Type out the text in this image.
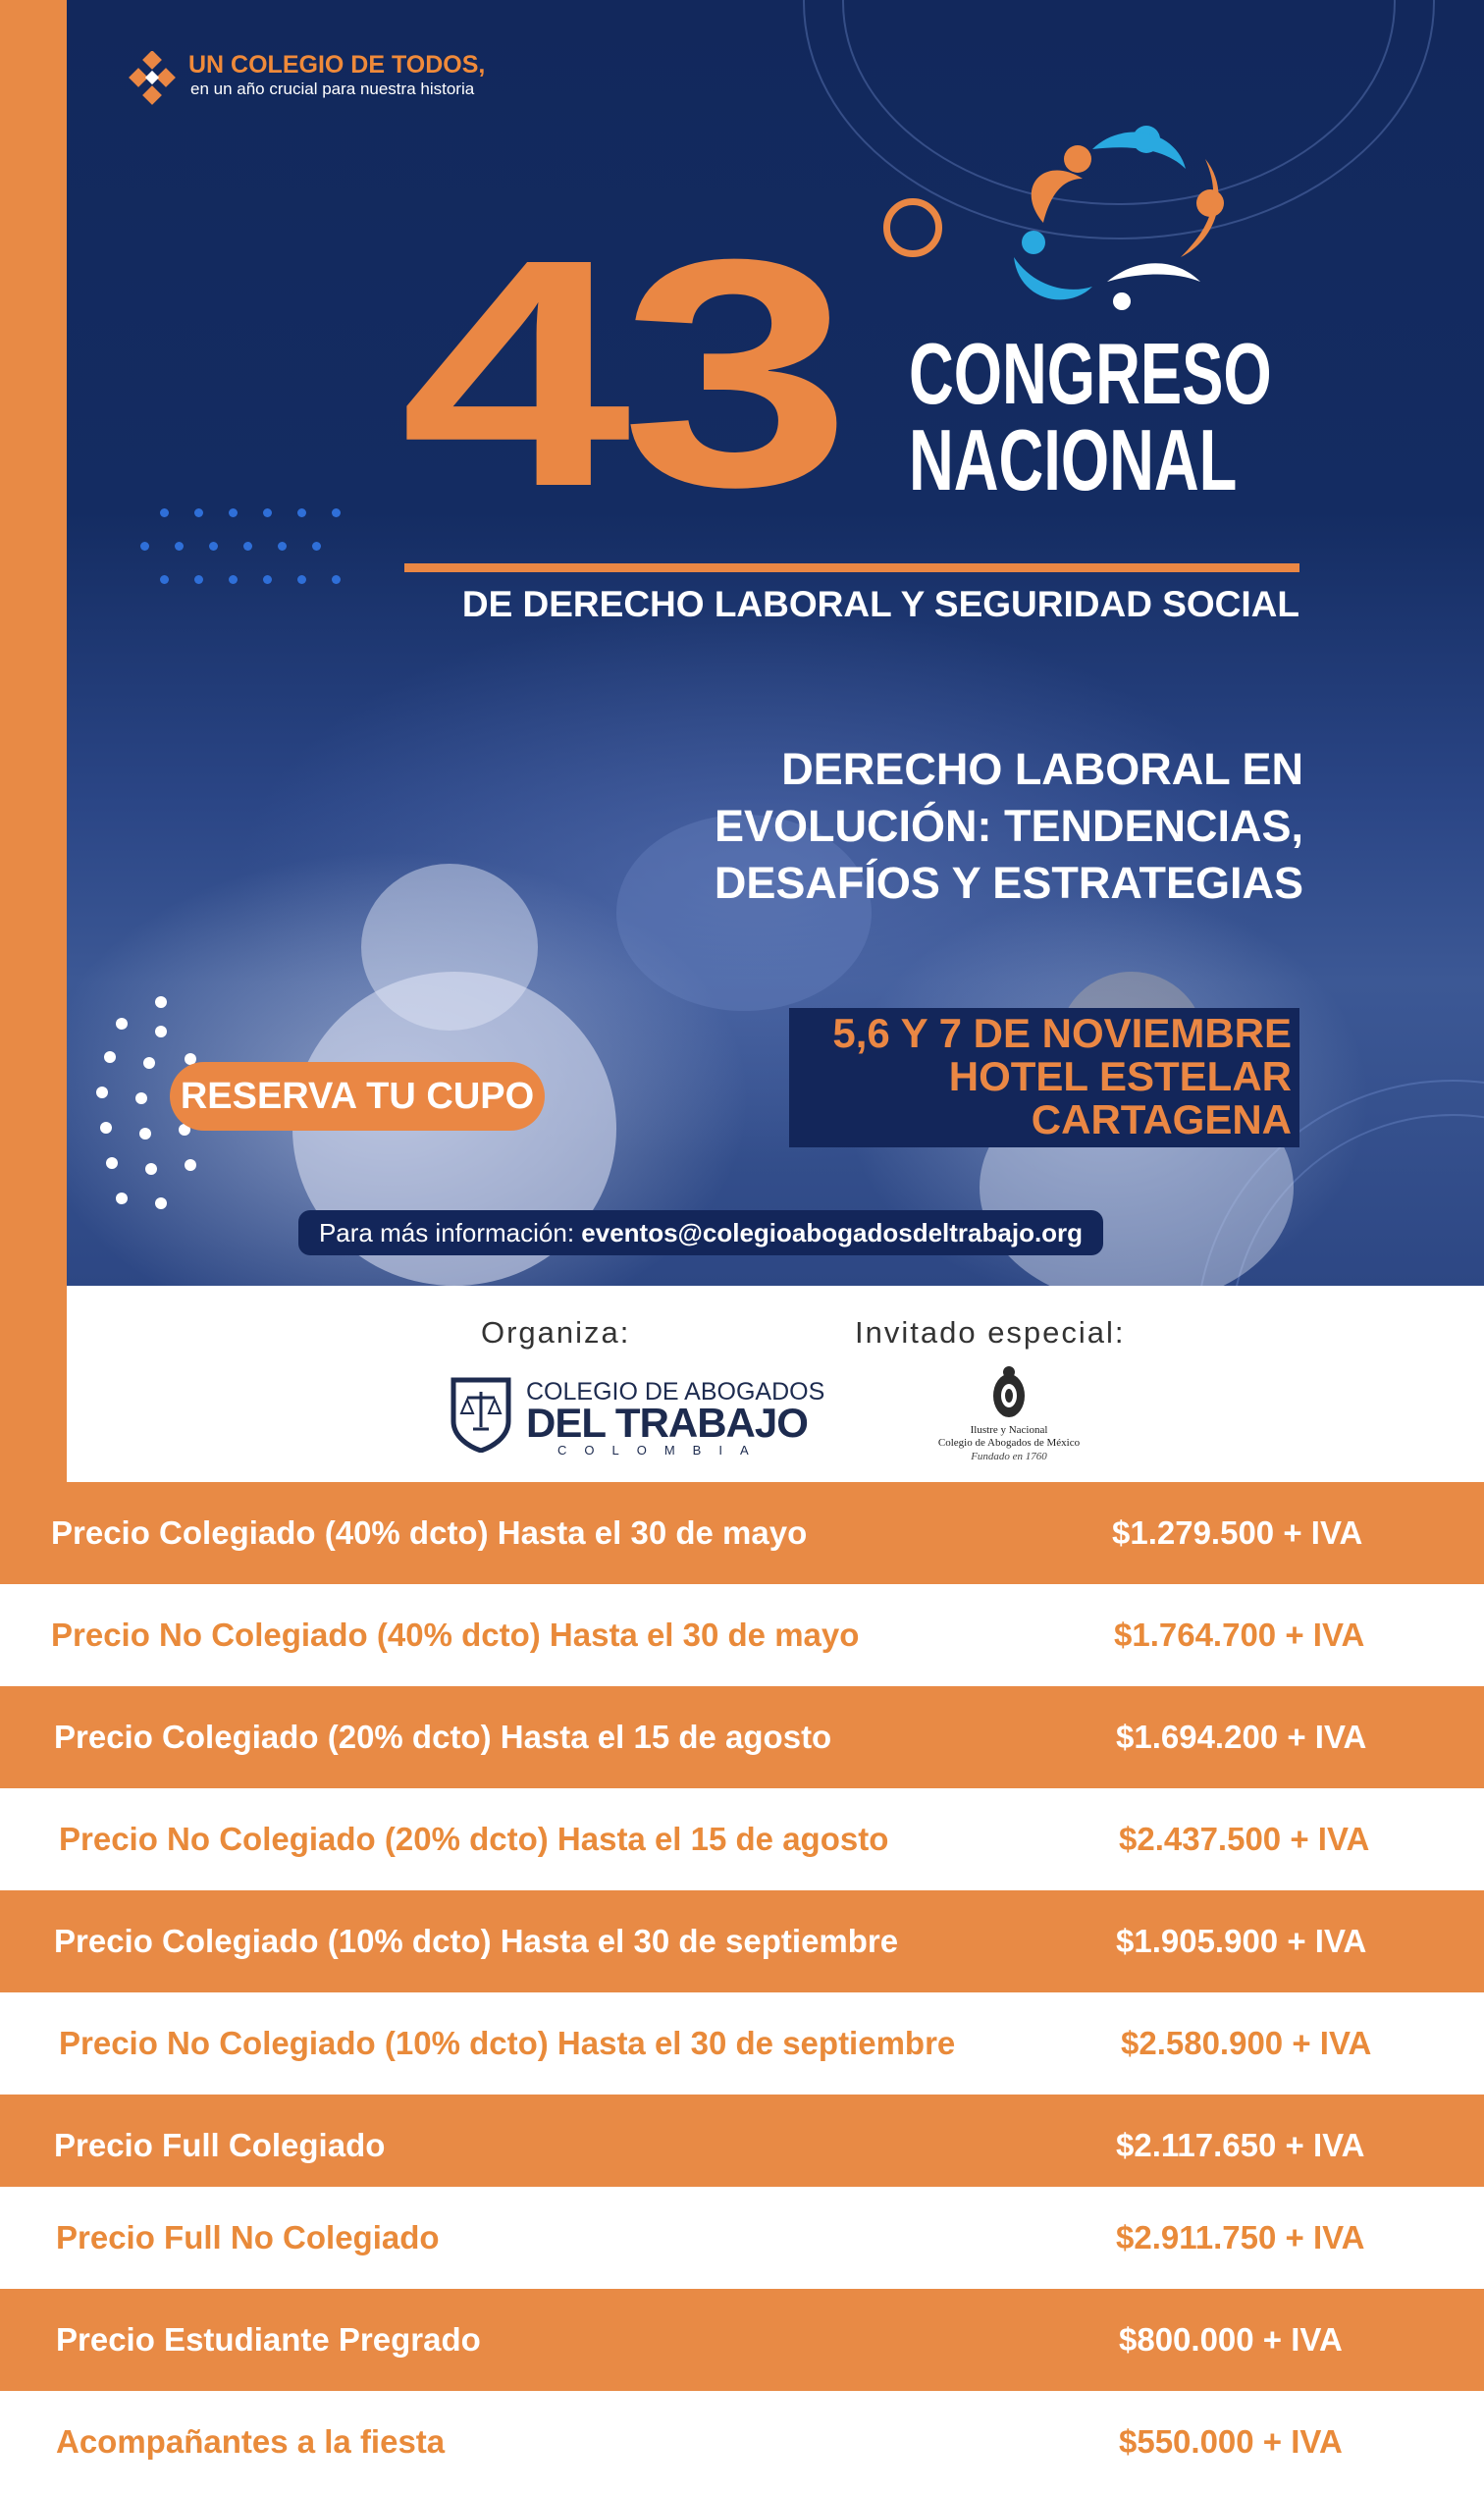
UN COLEGIO DE TODOS,
en un año crucial para nuestra historia
43 CONGRESO
NACIONAL
DE DERECHO LABORAL Y SEGURIDAD SOCIAL
DERECHO LABORAL EN
EVOLUCIÓN: TENDENCIAS,
DESAFÍOS Y ESTRATEGIAS
5,6 Y 7 DE NOVIEMBRE
HOTEL ESTELAR
CARTAGENA
RESERVA TU CUPO
Para más información: eventos@colegioabogadosdeltrabajo.org
Organiza:	Invitado especial:
COLEGIO DE ABOGADOS
DEL TRABAJO
COLOMBIA
Ilustre y Nacional
Colegio de Abogados de México
Fundado en 1760
Precio Colegiado (40% dcto) Hasta el 30 de mayo	$1.279.500 + IVA
Precio No Colegiado (40% dcto) Hasta el 30 de mayo	$1.764.700 + IVA
Precio Colegiado (20% dcto) Hasta el 15 de agosto	$1.694.200 + IVA
Precio No Colegiado (20% dcto) Hasta el 15 de agosto	$2.437.500 + IVA
Precio Colegiado (10% dcto) Hasta el 30 de septiembre	$1.905.900 + IVA
Precio No Colegiado (10% dcto) Hasta el 30 de septiembre	$2.580.900 + IVA
Precio Full Colegiado	$2.117.650 + IVA
Precio Full No Colegiado	$2.911.750 + IVA
Precio Estudiante Pregrado	$800.000 + IVA
Acompañantes a la fiesta	$550.000 + IVA
